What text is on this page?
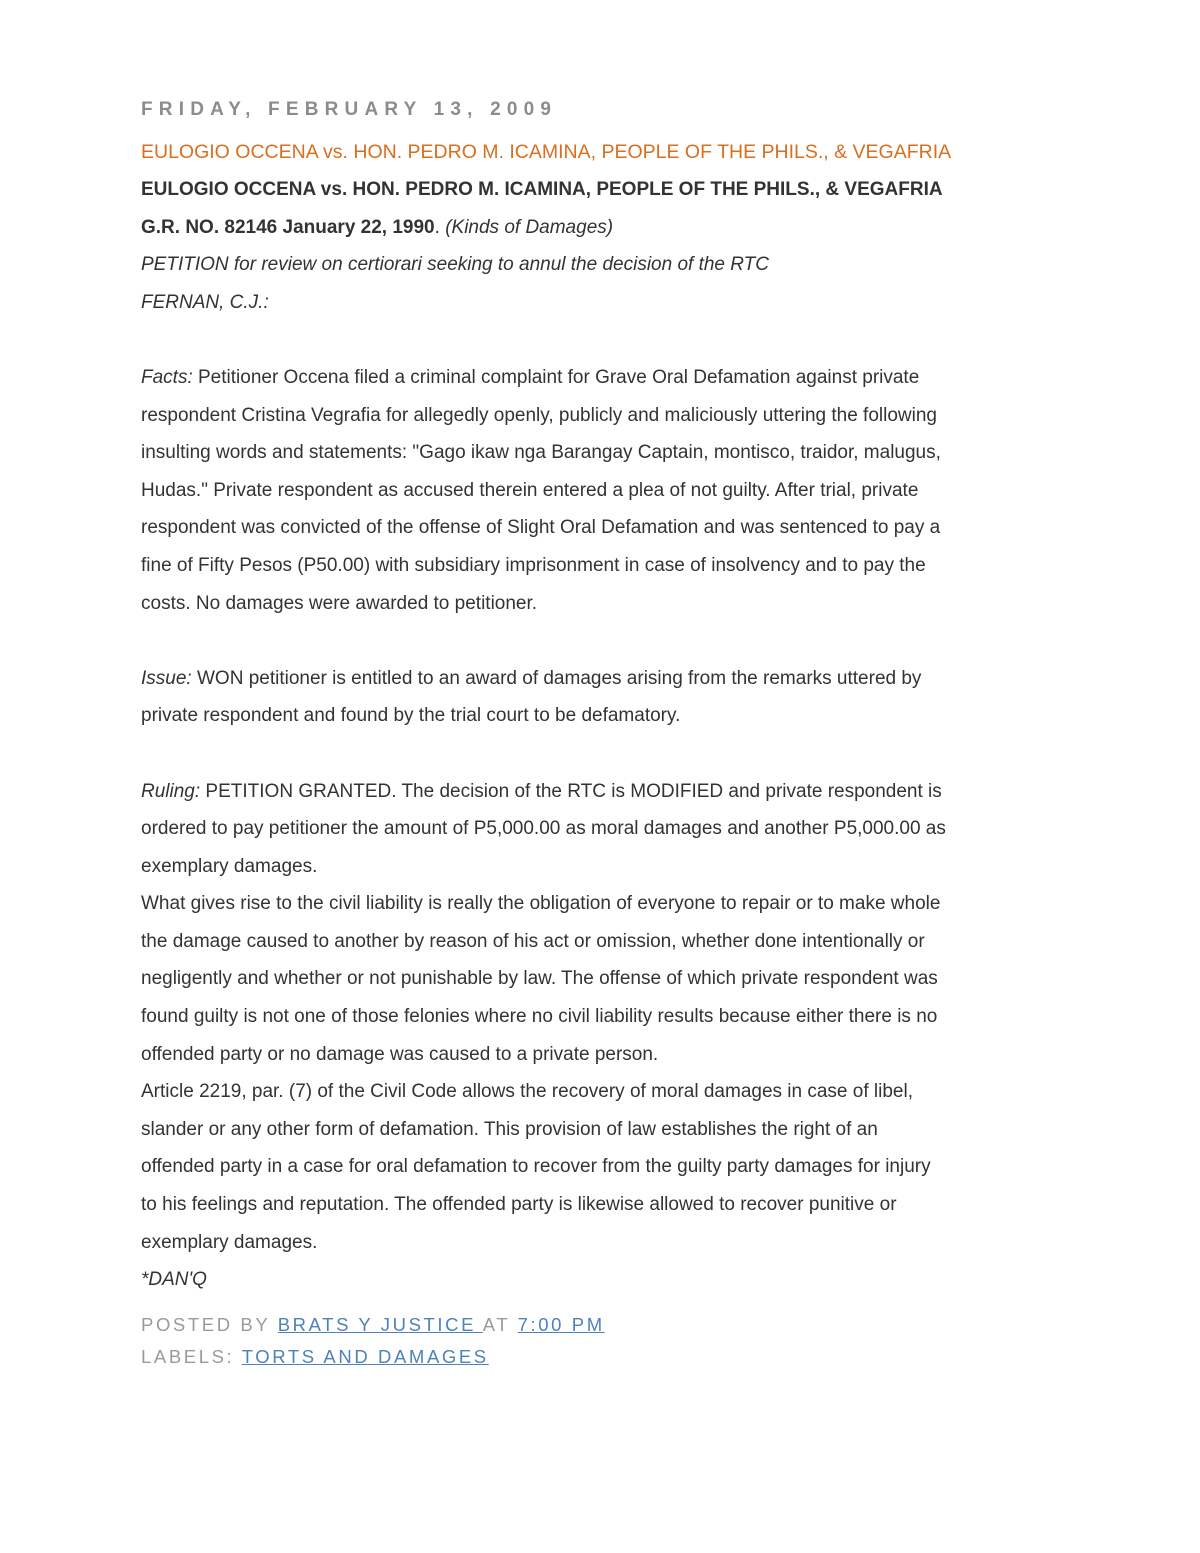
FRIDAY, FEBRUARY 13, 2009
EULOGIO OCCENA vs. HON. PEDRO M. ICAMINA, PEOPLE OF THE PHILS., & VEGAFRIA
EULOGIO OCCENA vs. HON. PEDRO M. ICAMINA, PEOPLE OF THE PHILS., & VEGAFRIA
G.R. NO. 82146 January 22, 1990. (Kinds of Damages)
PETITION for review on certiorari seeking to annul the decision of the RTC
FERNAN, C.J.:
Facts: Petitioner Occena filed a criminal complaint for Grave Oral Defamation against private
respondent Cristina Vegrafia for allegedly openly, publicly and maliciously uttering the following
insulting words and statements: "Gago ikaw nga Barangay Captain, montisco, traidor, malugus,
Hudas." Private respondent as accused therein entered a plea of not guilty. After trial, private
respondent was convicted of the offense of Slight Oral Defamation and was sentenced to pay a
fine of Fifty Pesos (P50.00) with subsidiary imprisonment in case of insolvency and to pay the
costs. No damages were awarded to petitioner.
Issue: WON petitioner is entitled to an award of damages arising from the remarks uttered by
private respondent and found by the trial court to be defamatory.
Ruling: PETITION GRANTED. The decision of the RTC is MODIFIED and private respondent is
ordered to pay petitioner the amount of P5,000.00 as moral damages and another P5,000.00 as
exemplary damages.
What gives rise to the civil liability is really the obligation of everyone to repair or to make whole
the damage caused to another by reason of his act or omission, whether done intentionally or
negligently and whether or not punishable by law. The offense of which private respondent was
found guilty is not one of those felonies where no civil liability results because either there is no
offended party or no damage was caused to a private person.
Article 2219, par. (7) of the Civil Code allows the recovery of moral damages in case of libel,
slander or any other form of defamation. This provision of law establishes the right of an
offended party in a case for oral defamation to recover from the guilty party damages for injury
to his feelings and reputation. The offended party is likewise allowed to recover punitive or
exemplary damages.
*DAN'Q
POSTED BY BRATS Y JUSTICE AT 7:00 PM
LABELS: TORTS AND DAMAGES
